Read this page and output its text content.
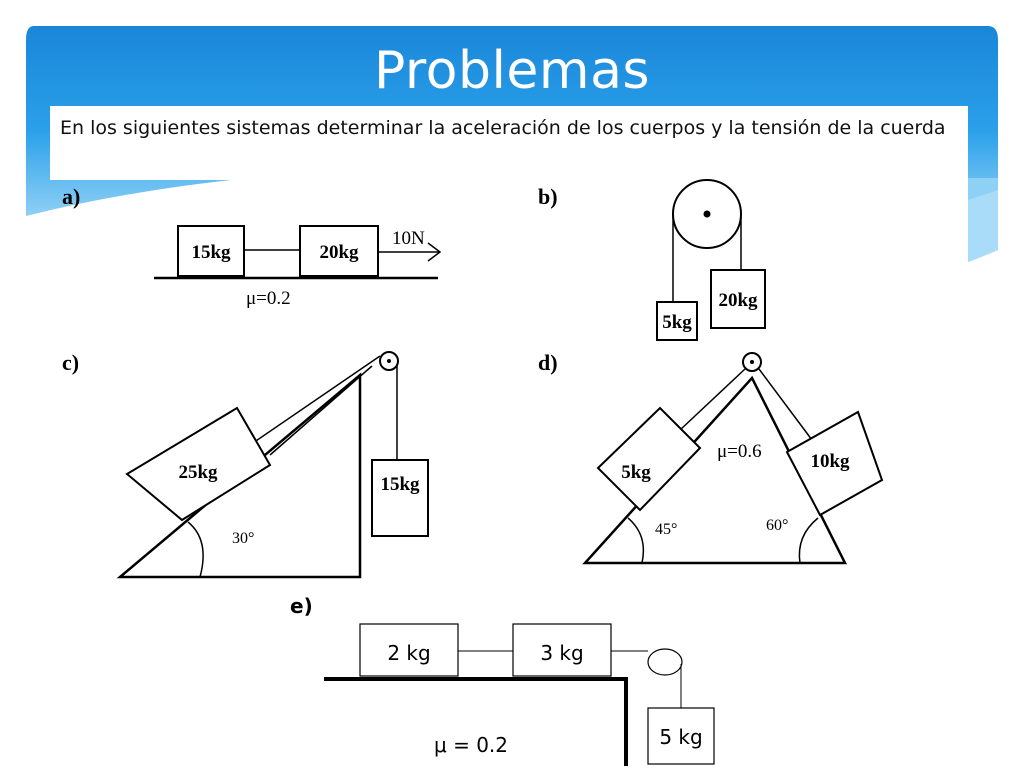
Problemas
En los siguientes sistemas determinar la aceleración de los cuerpos y la tensión de la cuerda
a)
15kg	20kg
10N
μ=0.2
b)
5kg
20kg
c)
25kg
15kg
30°
d)
5kg
10kg
μ=0.6
45°	60°
e)
2 kg	3 kg
5 kg
μ = 0.2
